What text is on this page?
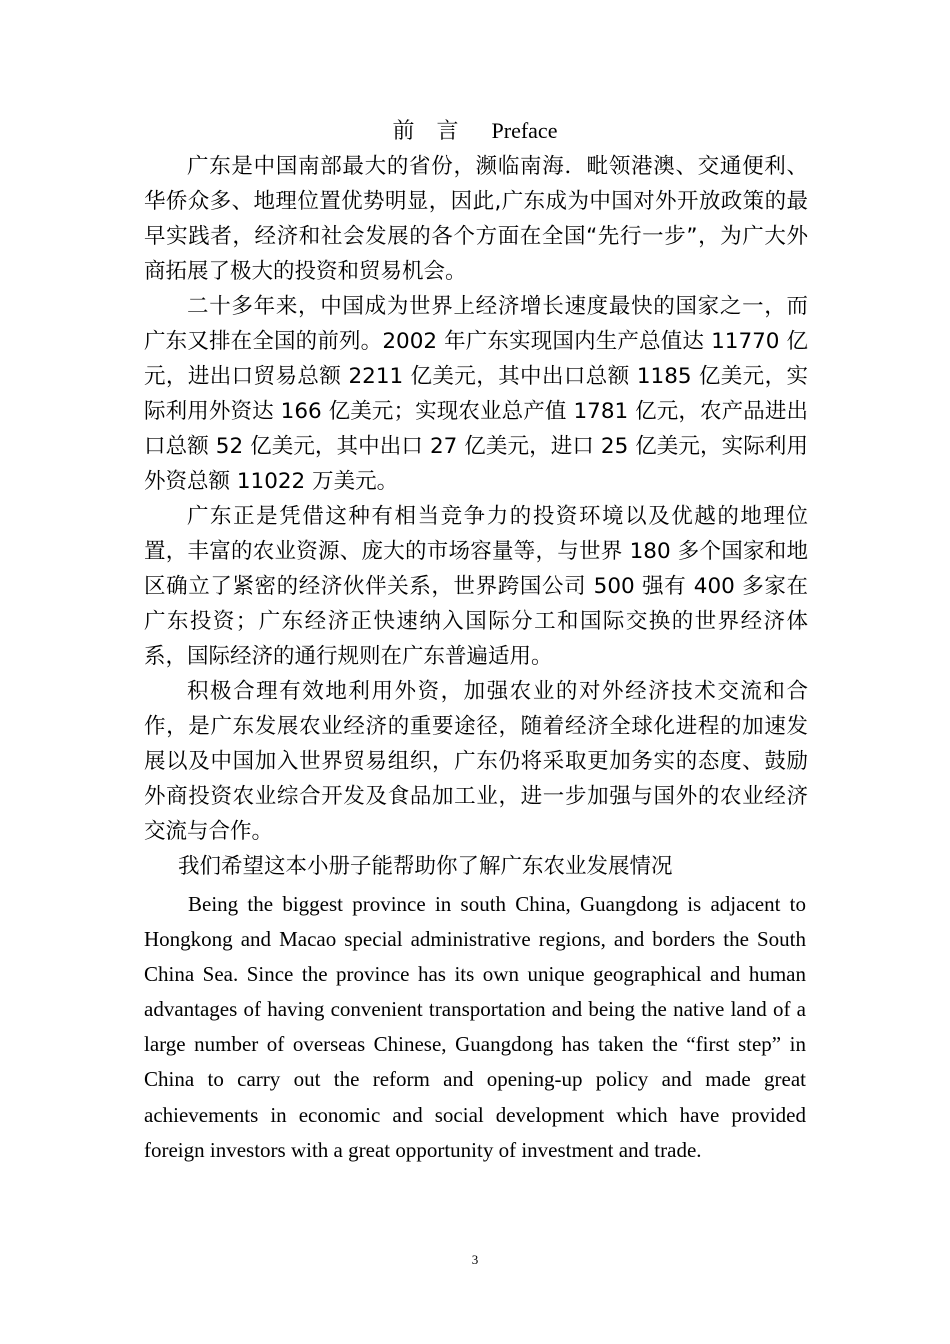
前    言      Preface

广东是中国南部最大的省份，濒临南海．毗领港澳、交通便利、华侨众多、地理位置优势明显，因此,广东成为中国对外开放政策的最早实践者，经济和社会发展的各个方面在全国“先行一步”，为广大外商拓展了极大的投资和贸易机会。

二十多年来，中国成为世界上经济增长速度最快的国家之一，而广东又排在全国的前列。2002 年广东实现国内生产总值达 11770 亿元，进出口贸易总额 2211 亿美元，其中出口总额 1185 亿美元，实际利用外资达 166 亿美元；实现农业总产值 1781 亿元，农产品进出口总额 52 亿美元，其中出口 27 亿美元，进口 25 亿美元，实际利用外资总额 11022 万美元。

广东正是凭借这种有相当竞争力的投资环境以及优越的地理位置，丰富的农业资源、庞大的市场容量等，与世界 180 多个国家和地区确立了紧密的经济伙伴关系，世界跨国公司 500 强有 400 多家在广东投资；广东经济正快速纳入国际分工和国际交换的世界经济体系，国际经济的通行规则在广东普遍适用。

积极合理有效地利用外资，加强农业的对外经济技术交流和合作，是广东发展农业经济的重要途径，随着经济全球化进程的加速发展以及中国加入世界贸易组织，广东仍将采取更加务实的态度、鼓励外商投资农业综合开发及食品加工业，进一步加强与国外的农业经济交流与合作。

我们希望这本小册子能帮助你了解广东农业发展情况

Being the biggest province in south China, Guangdong is adjacent to Hongkong and Macao special administrative regions, and borders the South China Sea. Since the province has its own unique geographical and human advantages of having convenient transportation and being the native land of a large number of overseas Chinese, Guangdong has taken the “first step” in China to carry out the reform and opening-up policy and made great achievements in economic and social development which have provided foreign investors with a great opportunity of investment and trade.

3
